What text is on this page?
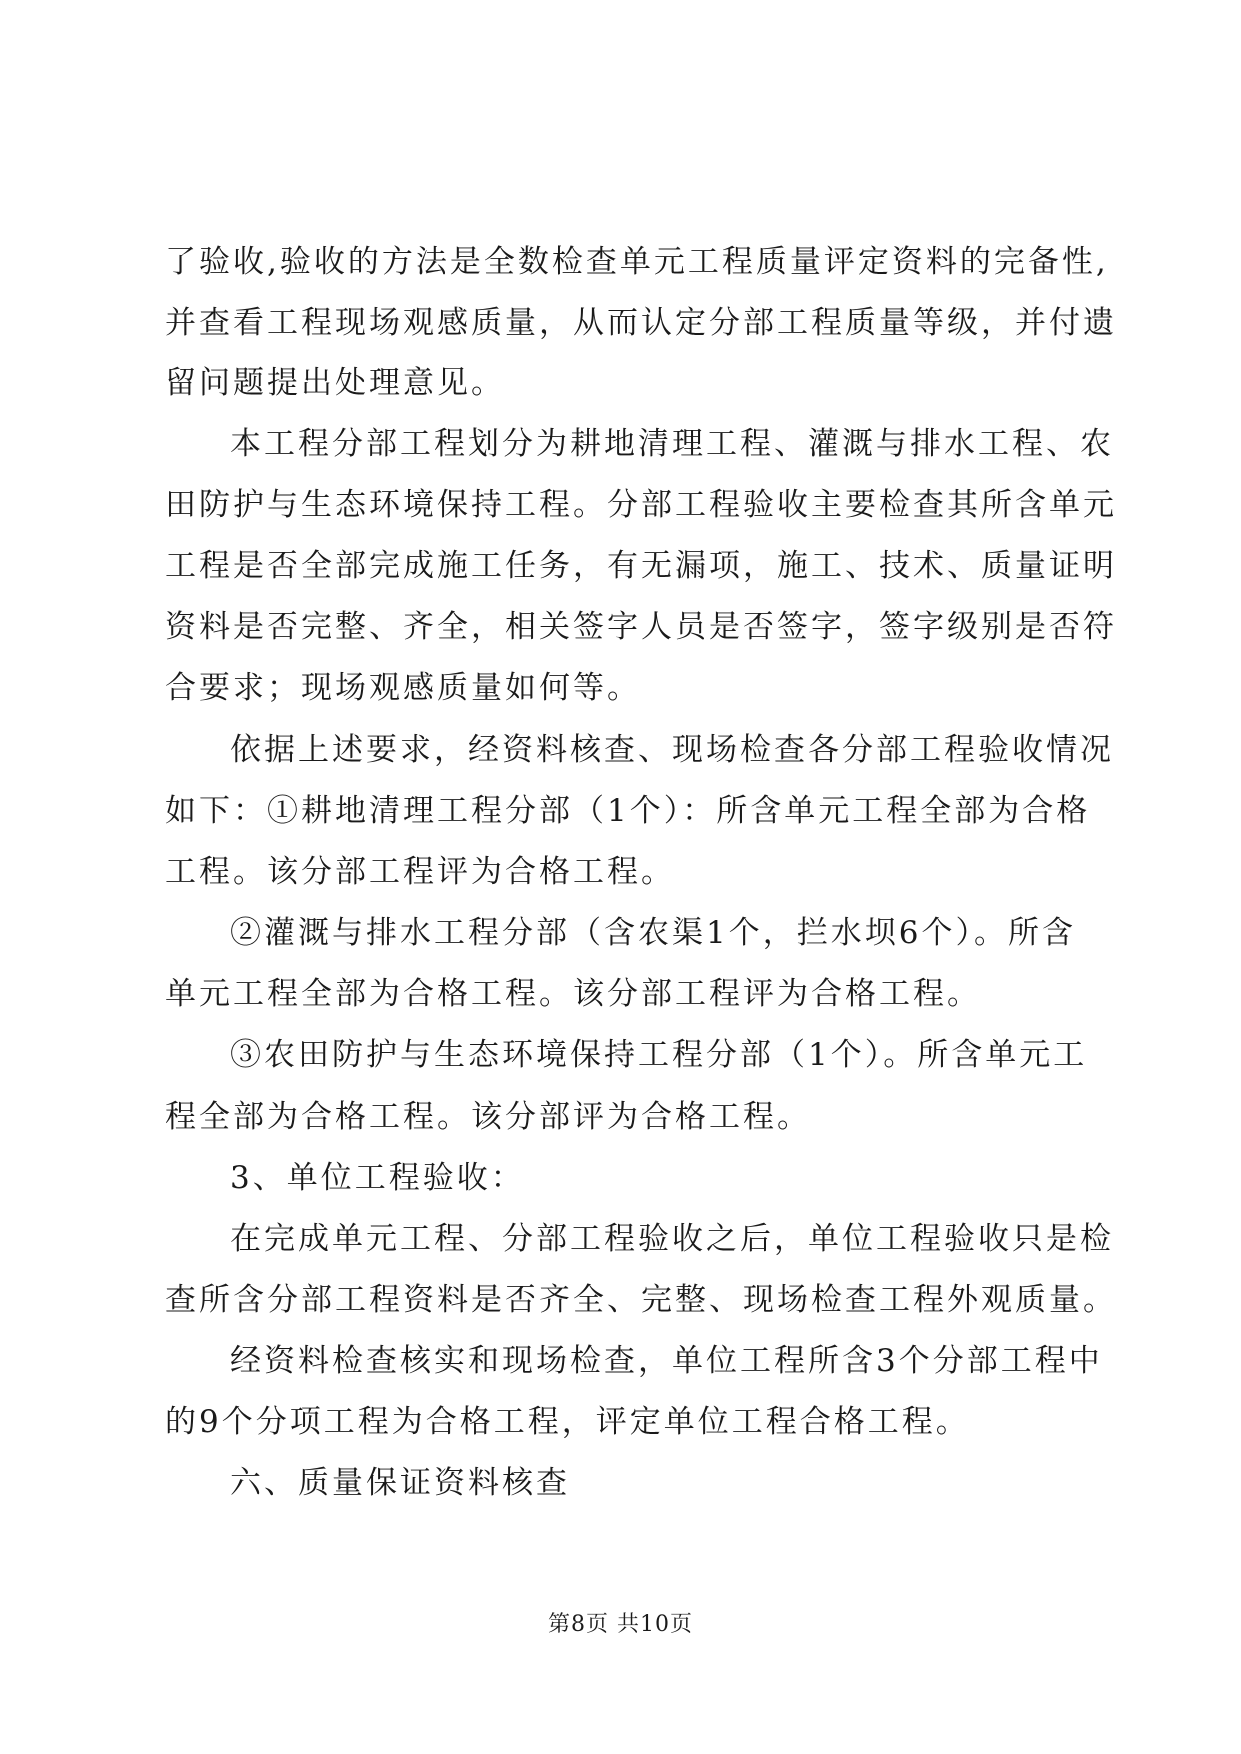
了验收,验收的方法是全数检查单元工程质量评定资料的完备性,
并查看工程现场观感质量，从而认定分部工程质量等级，并付遗
留问题提出处理意见。
本工程分部工程划分为耕地清理工程、灌溉与排水工程、农
田防护与生态环境保持工程。分部工程验收主要检查其所含单元
工程是否全部完成施工任务，有无漏项，施工、技术、质量证明
资料是否完整、齐全，相关签字人员是否签字，签字级别是否符
合要求；现场观感质量如何等。
依据上述要求，经资料核查、现场检查各分部工程验收情况
如下：①耕地清理工程分部（1个）：所含单元工程全部为合格
工程。该分部工程评为合格工程。
②灌溉与排水工程分部（含农渠1个，拦水坝6个）。所含
单元工程全部为合格工程。该分部工程评为合格工程。
③农田防护与生态环境保持工程分部（1个）。所含单元工
程全部为合格工程。该分部评为合格工程。
3、单位工程验收：
在完成单元工程、分部工程验收之后，单位工程验收只是检
查所含分部工程资料是否齐全、完整、现场检查工程外观质量。
经资料检查核实和现场检查，单位工程所含3个分部工程中
的9个分项工程为合格工程，评定单位工程合格工程。
六、质量保证资料核查
第8页 共10页
